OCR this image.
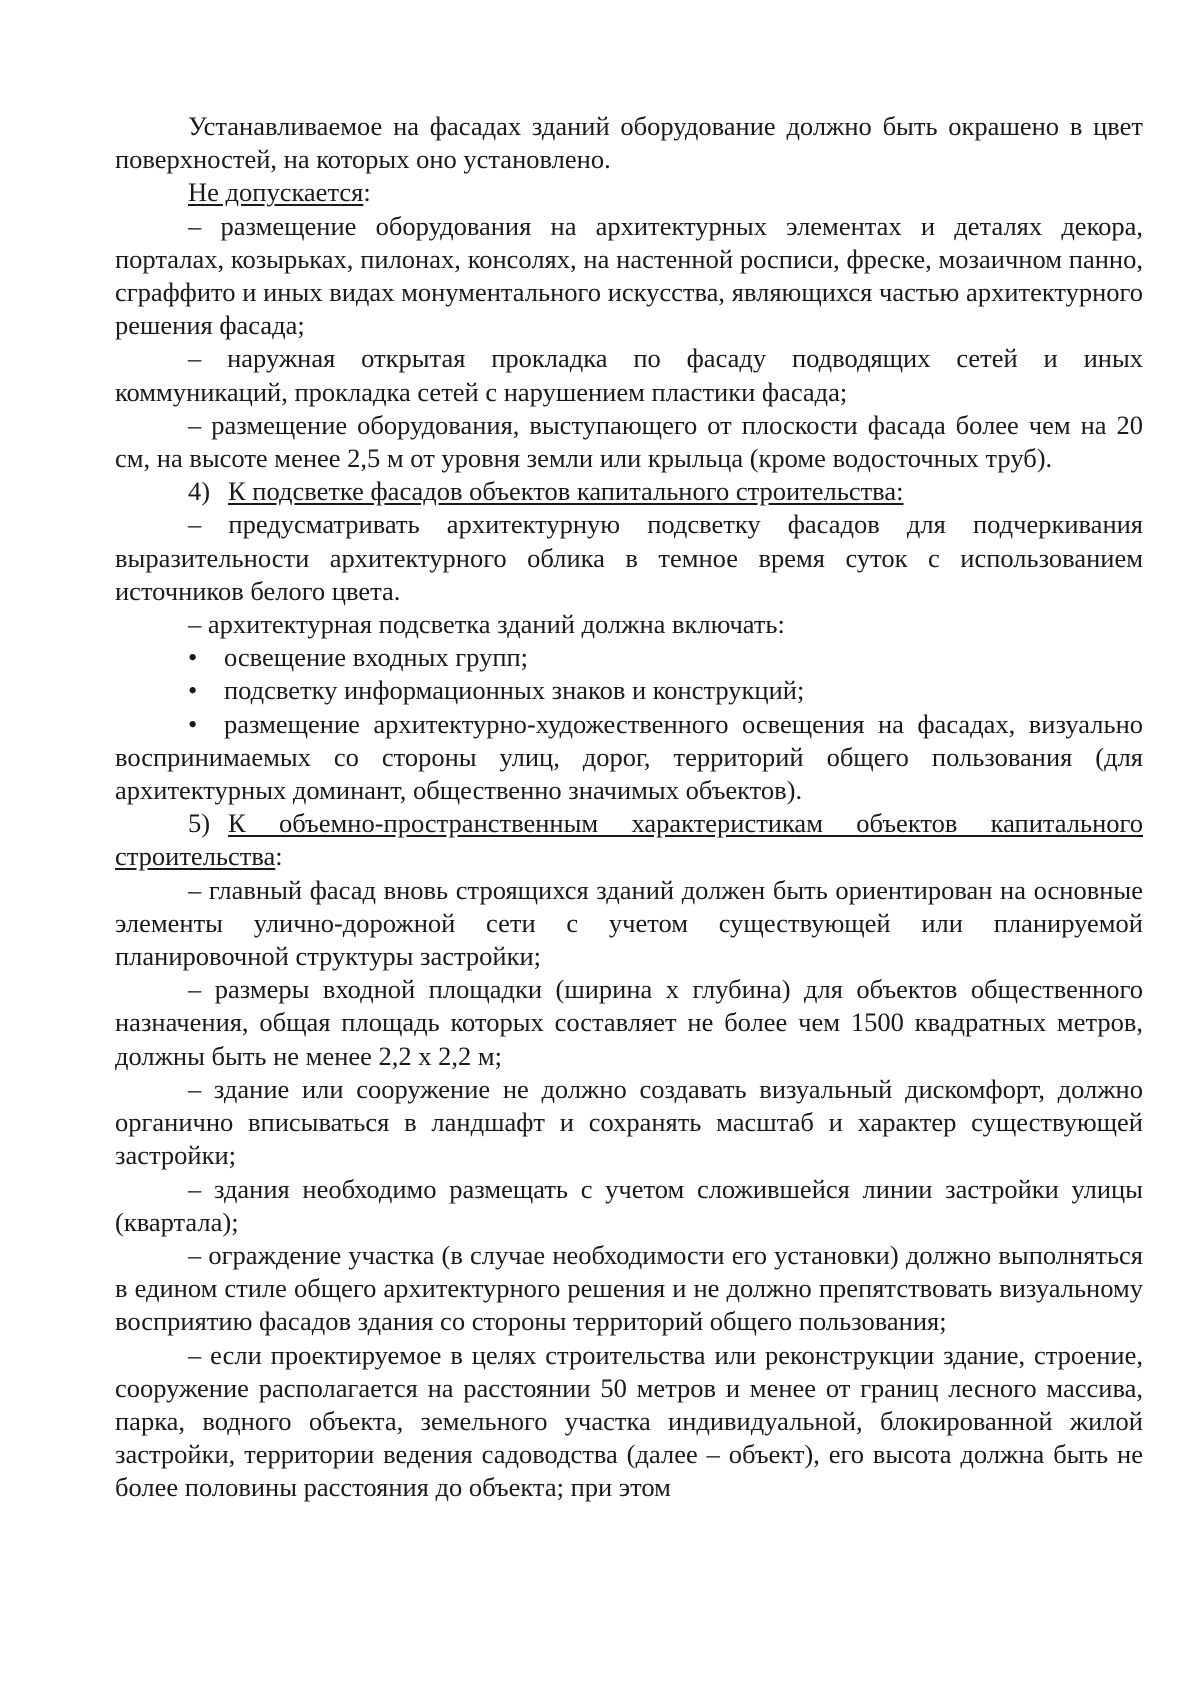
Устанавливаемое на фасадах зданий оборудование должно быть окрашено в цвет поверхностей, на которых оно установлено.

Не допускается:

– размещение оборудования на архитектурных элементах и деталях декора, порталах, козырьках, пилонах, консолях, на настенной росписи, фреске, мозаичном панно, сграффито и иных видах монументального искусства, являющихся частью архитектурного решения фасада;

– наружная открытая прокладка по фасаду подводящих сетей и иных коммуникаций, прокладка сетей с нарушением пластики фасада;

– размещение оборудования, выступающего от плоскости фасада более чем на 20 см, на высоте менее 2,5 м от уровня земли или крыльца (кроме водосточных труб).

4) К подсветке фасадов объектов капитального строительства:

– предусматривать архитектурную подсветку фасадов для подчеркивания выразительности архитектурного облика в темное время суток с использованием источников белого цвета.

– архитектурная подсветка зданий должна включать:

• освещение входных групп;

• подсветку информационных знаков и конструкций;

• размещение архитектурно-художественного освещения на фасадах, визуально воспринимаемых со стороны улиц, дорог, территорий общего пользования (для архитектурных доминант, общественно значимых объектов).

5) К объемно-пространственным характеристикам объектов капитального строительства:

– главный фасад вновь строящихся зданий должен быть ориентирован на основные элементы улично-дорожной сети с учетом существующей или планируемой планировочной структуры застройки;

– размеры входной площадки (ширина х глубина) для объектов общественного назначения, общая площадь которых составляет не более чем 1500 квадратных метров, должны быть не менее 2,2 х 2,2 м;

– здание или сооружение не должно создавать визуальный дискомфорт, должно органично вписываться в ландшафт и сохранять масштаб и характер существующей застройки;

– здания необходимо размещать с учетом сложившейся линии застройки улицы (квартала);

– ограждение участка (в случае необходимости его установки) должно выполняться в едином стиле общего архитектурного решения и не должно препятствовать визуальному восприятию фасадов здания со стороны территорий общего пользования;

– если проектируемое в целях строительства или реконструкции здание, строение, сооружение располагается на расстоянии 50 метров и менее от границ лесного массива, парка, водного объекта, земельного участка индивидуальной, блокированной жилой застройки, территории ведения садоводства (далее – объект), его высота должна быть не более половины расстояния до объекта; при этом
